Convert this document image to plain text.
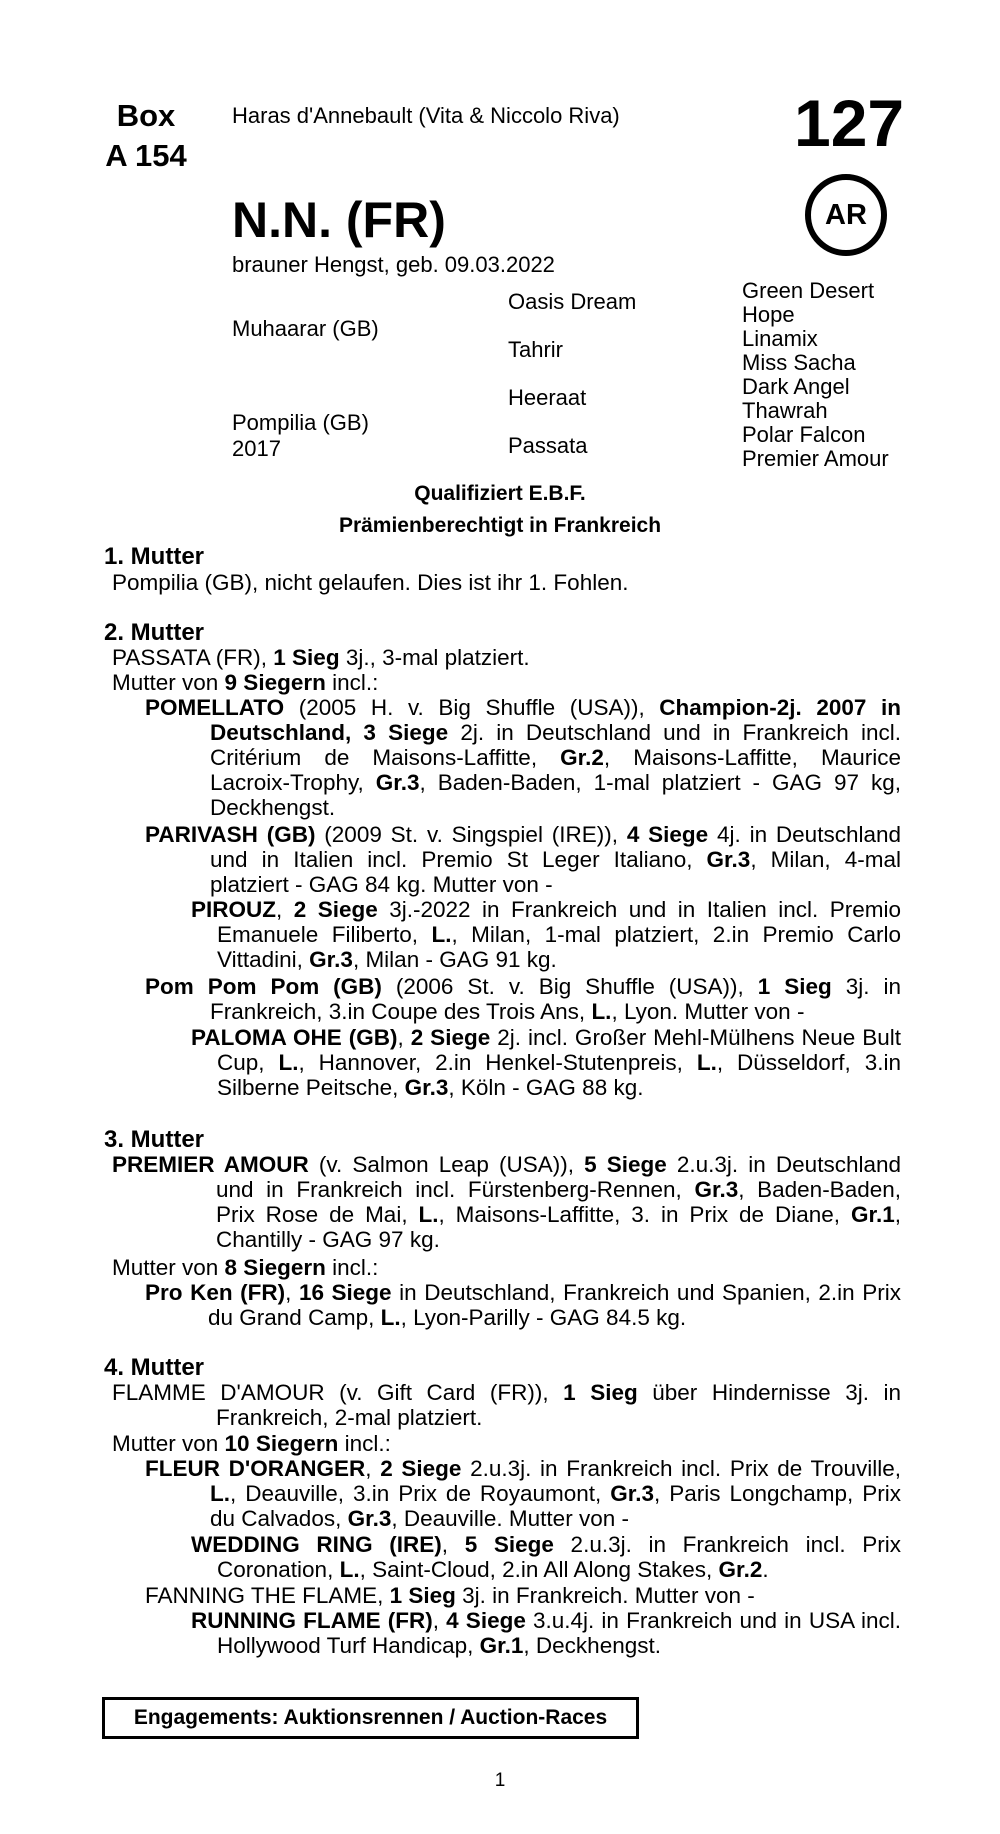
Box
A 154
Haras d'Annebault (Vita & Niccolo Riva)	127
AR
N.N. (FR)
brauner Hengst, geb. 09.03.2022
Muhaarar (GB)
Pompilia (GB)
2017
Oasis Dream
Tahrir
Heeraat
Passata
Green Desert
Hope
Linamix
Miss Sacha
Dark Angel
Thawrah
Polar Falcon
Premier Amour
Qualifiziert E.B.F.
Prämienberechtigt in Frankreich
1. Mutter
Pompilia (GB), nicht gelaufen. Dies ist ihr 1. Fohlen.
2. Mutter
PASSATA (FR), 1 Sieg 3j., 3-mal platziert.
Mutter von 9 Siegern incl.:
POMELLATO (2005 H. v. Big Shuffle (USA)), Champion-2j. 2007 in Deutschland, 3 Siege 2j. in Deutschland und in Frankreich incl. Critérium de Maisons-Laffitte, Gr.2, Maisons-Laffitte, Maurice Lacroix-Trophy, Gr.3, Baden-Baden, 1-mal platziert - GAG 97 kg, Deckhengst.
PARIVASH (GB) (2009 St. v. Singspiel (IRE)), 4 Siege 4j. in Deutschland und in Italien incl. Premio St Leger Italiano, Gr.3, Milan, 4-mal platziert - GAG 84 kg. Mutter von -
PIROUZ, 2 Siege 3j.-2022 in Frankreich und in Italien incl. Premio Emanuele Filiberto, L., Milan, 1-mal platziert, 2.in Premio Carlo Vittadini, Gr.3, Milan - GAG 91 kg.
Pom Pom Pom (GB) (2006 St. v. Big Shuffle (USA)), 1 Sieg 3j. in Frankreich, 3.in Coupe des Trois Ans, L., Lyon. Mutter von -
PALOMA OHE (GB), 2 Siege 2j. incl. Großer Mehl-Mülhens Neue Bult Cup, L., Hannover, 2.in Henkel-Stutenpreis, L., Düsseldorf, 3.in Silberne Peitsche, Gr.3, Köln - GAG 88 kg.
3. Mutter
PREMIER AMOUR (v. Salmon Leap (USA)), 5 Siege 2.u.3j. in Deutschland und in Frankreich incl. Fürstenberg-Rennen, Gr.3, Baden-Baden, Prix Rose de Mai, L., Maisons-Laffitte, 3. in Prix de Diane, Gr.1, Chantilly - GAG 97 kg.
Mutter von 8 Siegern incl.:
Pro Ken (FR), 16 Siege in Deutschland, Frankreich und Spanien, 2.in Prix du Grand Camp, L., Lyon-Parilly - GAG 84.5 kg.
4. Mutter
FLAMME D'AMOUR (v. Gift Card (FR)), 1 Sieg über Hindernisse 3j. in Frankreich, 2-mal platziert.
Mutter von 10 Siegern incl.:
FLEUR D'ORANGER, 2 Siege 2.u.3j. in Frankreich incl. Prix de Trouville, L., Deauville, 3.in Prix de Royaumont, Gr.3, Paris Longchamp, Prix du Calvados, Gr.3, Deauville. Mutter von -
WEDDING RING (IRE), 5 Siege 2.u.3j. in Frankreich incl. Prix Coronation, L., Saint-Cloud, 2.in All Along Stakes, Gr.2.
FANNING THE FLAME, 1 Sieg 3j. in Frankreich. Mutter von -
RUNNING FLAME (FR), 4 Siege 3.u.4j. in Frankreich und in USA incl. Hollywood Turf Handicap, Gr.1, Deckhengst.
Engagements: Auktionsrennen / Auction-Races
1
